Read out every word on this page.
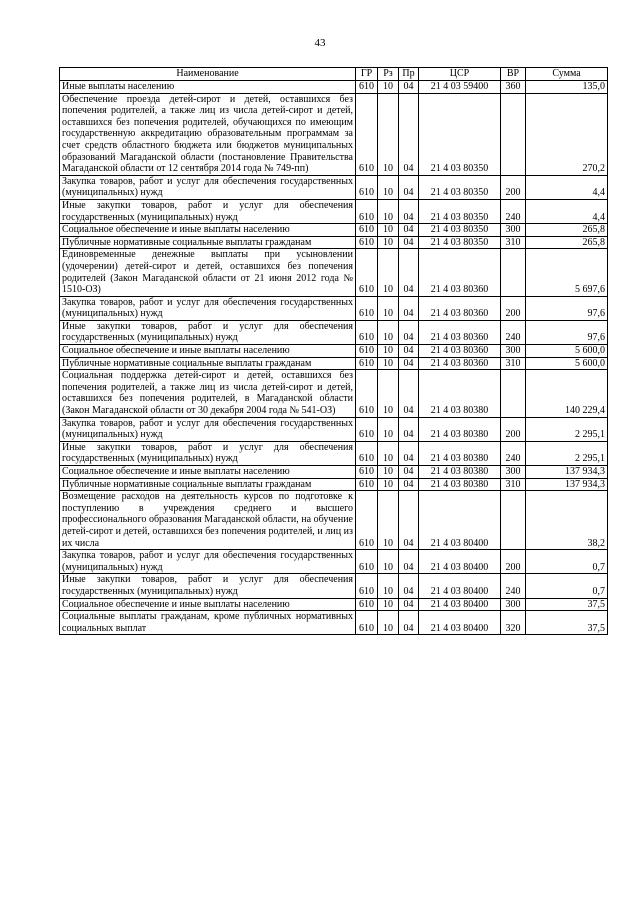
43
Наименование	ГР	Рз	Пр	ЦСР	ВР	Сумма
Иные выплаты населению	610	10	04	21 4 03 59400	360	135,0
Обеспечение проезда детей-сирот и детей, оставшихся без попечения родителей, а также лиц из числа детей-сирот и детей, оставшихся без попечения родителей, обучающихся по имеющим государственную аккредитацию образовательным программам за счет средств областного бюджета или бюджетов муниципальных образований Магаданской области (постановление Правительства Магаданской области от 12 сентября 2014 года № 749-пп)	610	10	04	21 4 03 80350		270,2
Закупка товаров, работ и услуг для обеспечения государственных (муниципальных) нужд	610	10	04	21 4 03 80350	200	4,4
Иные закупки товаров, работ и услуг для обеспечения государственных (муниципальных) нужд	610	10	04	21 4 03 80350	240	4,4
Социальное обеспечение и иные выплаты населению	610	10	04	21 4 03 80350	300	265,8
Публичные нормативные социальные выплаты гражданам	610	10	04	21 4 03 80350	310	265,8
Единовременные денежные выплаты при усыновлении (удочерении) детей-сирот и детей, оставшихся без попечения родителей (Закон Магаданской области от 21 июня 2012 года № 1510-ОЗ)	610	10	04	21 4 03 80360		5 697,6
Закупка товаров, работ и услуг для обеспечения государственных (муниципальных) нужд	610	10	04	21 4 03 80360	200	97,6
Иные закупки товаров, работ и услуг для обеспечения государственных (муниципальных) нужд	610	10	04	21 4 03 80360	240	97,6
Социальное обеспечение и иные выплаты населению	610	10	04	21 4 03 80360	300	5 600,0
Публичные нормативные социальные выплаты гражданам	610	10	04	21 4 03 80360	310	5 600,0
Социальная поддержка детей-сирот и детей, оставшихся без попечения родителей, а также лиц из числа детей-сирот и детей, оставшихся без попечения родителей, в Магаданской области (Закон Магаданской области от 30 декабря 2004 года № 541-ОЗ)	610	10	04	21 4 03 80380		140 229,4
Закупка товаров, работ и услуг для обеспечения государственных (муниципальных) нужд	610	10	04	21 4 03 80380	200	2 295,1
Иные закупки товаров, работ и услуг для обеспечения государственных (муниципальных) нужд	610	10	04	21 4 03 80380	240	2 295,1
Социальное обеспечение и иные выплаты населению	610	10	04	21 4 03 80380	300	137 934,3
Публичные нормативные социальные выплаты гражданам	610	10	04	21 4 03 80380	310	137 934,3
Возмещение расходов на деятельность курсов по подготовке к поступлению в учреждения среднего и высшего профессионального образования Магаданской области, на обучение детей-сирот и детей, оставшихся без попечения родителей, и лиц из их числа	610	10	04	21 4 03 80400		38,2
Закупка товаров, работ и услуг для обеспечения государственных (муниципальных) нужд	610	10	04	21 4 03 80400	200	0,7
Иные закупки товаров, работ и услуг для обеспечения государственных (муниципальных) нужд	610	10	04	21 4 03 80400	240	0,7
Социальное обеспечение и иные выплаты населению	610	10	04	21 4 03 80400	300	37,5
Социальные выплаты гражданам, кроме публичных нормативных социальных выплат	610	10	04	21 4 03 80400	320	37,5
